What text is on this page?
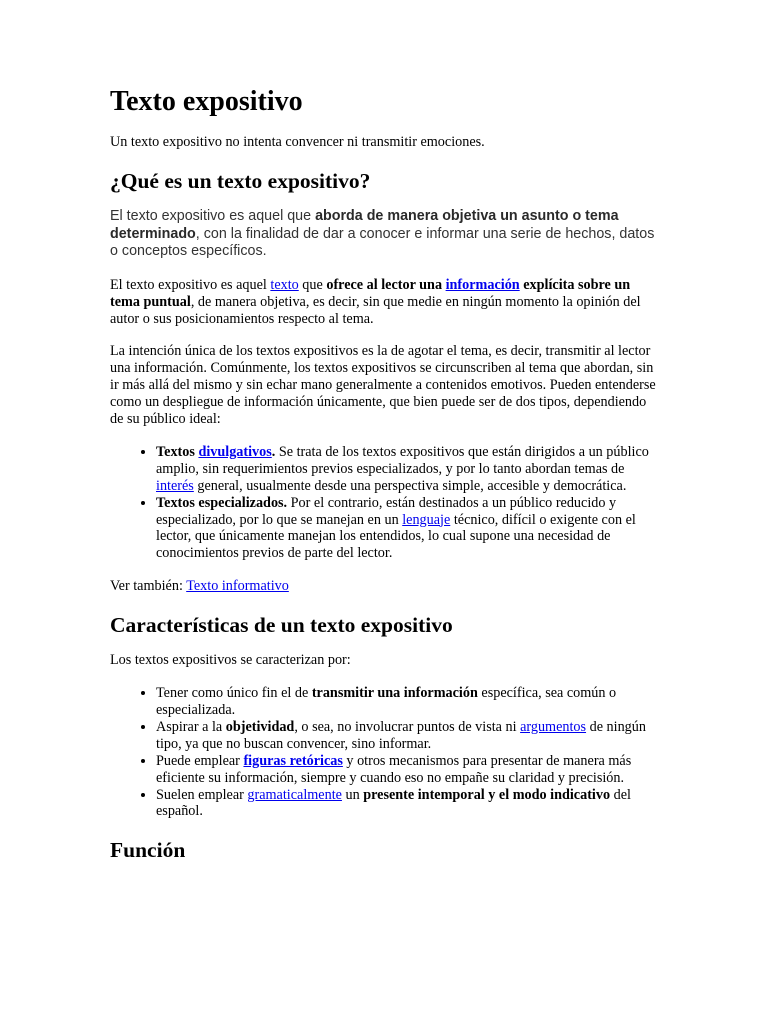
Texto expositivo

Un texto expositivo no intenta convencer ni transmitir emociones.

¿Qué es un texto expositivo?

El texto expositivo es aquel que aborda de manera objetiva un asunto o tema determinado, con la finalidad de dar a conocer e informar una serie de hechos, datos o conceptos específicos.

El texto expositivo es aquel texto que ofrece al lector una información explícita sobre un tema puntual, de manera objetiva, es decir, sin que medie en ningún momento la opinión del autor o sus posicionamientos respecto al tema.

La intención única de los textos expositivos es la de agotar el tema, es decir, transmitir al lector una información. Comúnmente, los textos expositivos se circunscriben al tema que abordan, sin ir más allá del mismo y sin echar mano generalmente a contenidos emotivos. Pueden entenderse como un despliegue de información únicamente, que bien puede ser de dos tipos, dependiendo de su público ideal:

• Textos divulgativos. Se trata de los textos expositivos que están dirigidos a un público amplio, sin requerimientos previos especializados, y por lo tanto abordan temas de interés general, usualmente desde una perspectiva simple, accesible y democrática.
• Textos especializados. Por el contrario, están destinados a un público reducido y especializado, por lo que se manejan en un lenguaje técnico, difícil o exigente con el lector, que únicamente manejan los entendidos, lo cual supone una necesidad de conocimientos previos de parte del lector.

Ver también: Texto informativo

Características de un texto expositivo

Los textos expositivos se caracterizan por:

• Tener como único fin el de transmitir una información específica, sea común o especializada.
• Aspirar a la objetividad, o sea, no involucrar puntos de vista ni argumentos de ningún tipo, ya que no buscan convencer, sino informar.
• Puede emplear figuras retóricas y otros mecanismos para presentar de manera más eficiente su información, siempre y cuando eso no empañe su claridad y precisión.
• Suelen emplear gramaticalmente un presente intemporal y el modo indicativo del español.
Función
